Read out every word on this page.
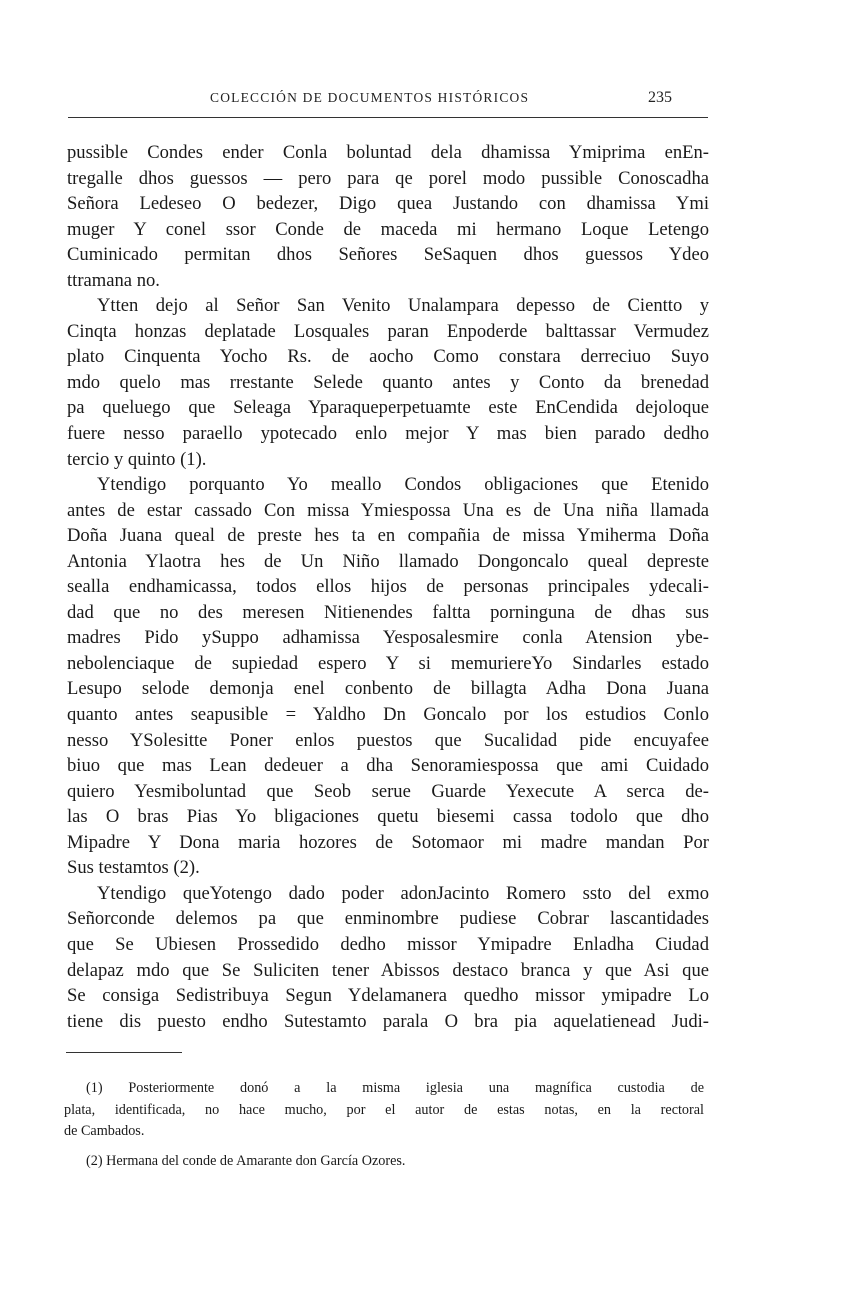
COLECCIÓN DE DOCUMENTOS HISTÓRICOS	235
pussible Condes ender Conla boluntad dela dhamissa Ymiprima enEn-
tregalle dhos guessos — pero para qe porel modo pussible Conoscadha
Señora Ledeseo O bedezer, Digo quea Justando con dhamissa Ymi
muger Y conel ssor Conde de maceda mi hermano Loque Letengo
Cuminicado permitan dhos Señores SeSaquen dhos guessos Ydeo
ttramana no.
Ytten dejo al Señor San Venito Unalampara depesso de Cientto y
Cinqta honzas deplatade Losquales paran Enpoderde balttassar Vermudez
plato Cinquenta Yocho Rs. de aocho Como constara derreciuo Suyo
mdo quelo mas rrestante Selede quanto antes y Conto da brenedad
pa queluego que Seleaga Yparaqueperpetuamte este EnCendida dejoloque
fuere nesso paraello ypotecado enlo mejor Y mas bien parado dedho
tercio y quinto (1).
Ytendigo porquanto Yo meallo Condos obligaciones que Etenido
antes de estar cassado Con missa Ymiespossa Una es de Una niña llamada
Doña Juana queal de preste hes ta en compañia de missa Ymiherma Doña
Antonia Ylaotra hes de Un Niño llamado Dongoncalo queal depreste
sealla endhamicassa, todos ellos hijos de personas principales ydecali-
dad que no des meresen Nitienendes faltta porninguna de dhas sus
madres Pido ySuppo adhamissa Yesposalesmire conla Atension ybe-
nebolenciaque de supiedad espero Y si memuriereYo Sindarles estado
Lesupo selode demonja enel conbento de billagta Adha Dona Juana
quanto antes seapusible = Yaldho Dn Goncalo por los estudios Conlo
nesso YSolesitte Poner enlos puestos que Sucalidad pide encuyafee
biuo que mas Lean dedeuer a dha Senoramiespossa que ami Cuidado
quiero Yesmiboluntad que Seob serue Guarde Yexecute A serca de-
las O bras Pias Yo bligaciones quetu biesemi cassa todolo que dho
Mipadre Y Dona maria hozores de Sotomaor mi madre mandan Por
Sus testamtos (2).
Ytendigo queYotengo dado poder adonJacinto Romero ssto del exmo
Señorconde delemos pa que enminombre pudiese Cobrar lascantidades
que Se Ubiesen Prossedido dedho missor Ymipadre Enladha Ciudad
delapaz mdo que Se Suliciten tener Abissos destaco branca y que Asi que
Se consiga Sedistribuya Segun Ydelamanera quedho missor ymipadre Lo
tiene dis puesto endho Sutestamto parala O bra pia aquelatienead Judi-
(1) Posteriormente donó a la misma iglesia una magnífica custodia de
plata, identificada, no hace mucho, por el autor de estas notas, en la rectoral
de Cambados.
(2) Hermana del conde de Amarante don García Ozores.
